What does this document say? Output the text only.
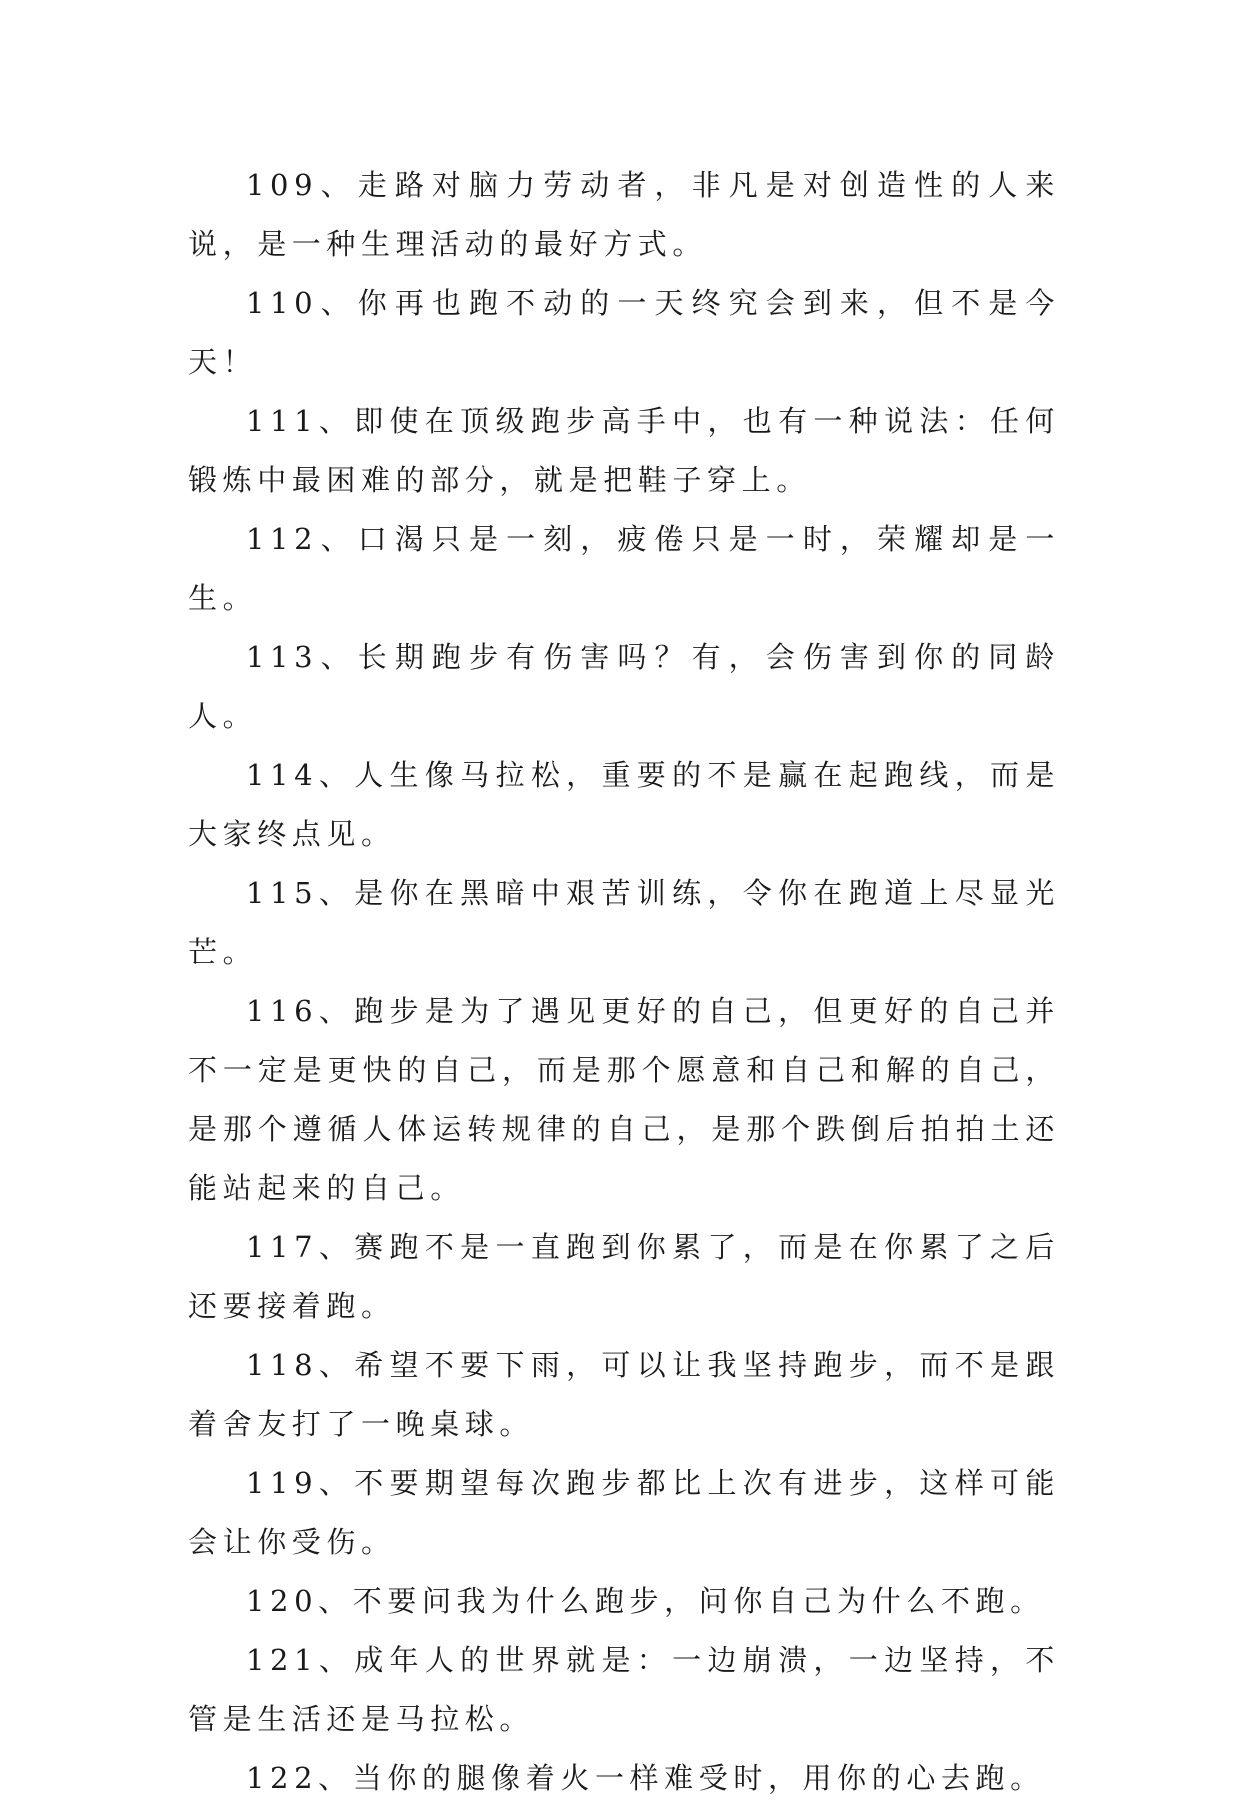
109、走路对脑力劳动者，非凡是对创造性的人来说，是一种生理活动的最好方式。

110、你再也跑不动的一天终究会到来，但不是今天！

111、即使在顶级跑步高手中，也有一种说法：任何锻炼中最困难的部分，就是把鞋子穿上。

112、口渴只是一刻，疲倦只是一时，荣耀却是一生。

113、长期跑步有伤害吗？有，会伤害到你的同龄人。

114、人生像马拉松，重要的不是赢在起跑线，而是大家终点见。

115、是你在黑暗中艰苦训练，令你在跑道上尽显光芒。

116、跑步是为了遇见更好的自己，但更好的自己并不一定是更快的自己，而是那个愿意和自己和解的自己，是那个遵循人体运转规律的自己，是那个跌倒后拍拍土还能站起来的自己。

117、赛跑不是一直跑到你累了，而是在你累了之后还要接着跑。

118、希望不要下雨，可以让我坚持跑步，而不是跟着舍友打了一晚桌球。

119、不要期望每次跑步都比上次有进步，这样可能会让你受伤。

120、不要问我为什么跑步，问你自己为什么不跑。

121、成年人的世界就是：一边崩溃，一边坚持，不管是生活还是马拉松。

122、当你的腿像着火一样难受时，用你的心去跑。
